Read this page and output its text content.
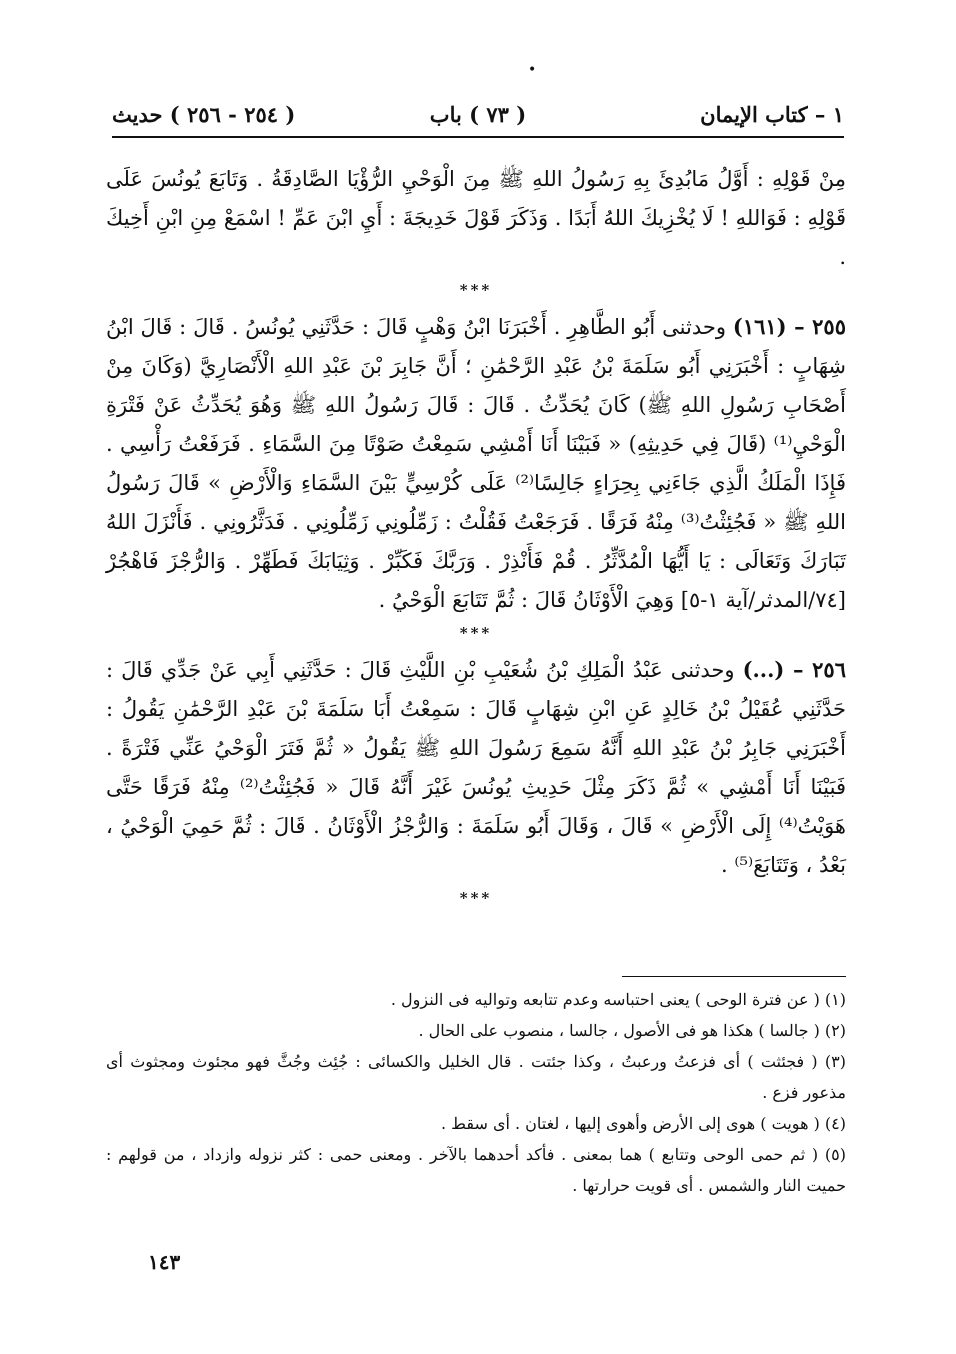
•
١ – كتاب الإيمان
( ٧٣ ) باب
( ٢٥٤ - ٢٥٦ ) حديث

مِنْ قَوْلِهِ : أَوَّلُ مَابُدِئَ بِهِ رَسُولُ اللهِ ﷺ مِنَ الْوَحْيِ الرُّؤْيَا الصَّادِقَةُ . وَتَابَعَ يُونُسَ عَلَى قَوْلِهِ : فَوَاللهِ ! لَا يُخْزِيكَ اللهُ أَبَدًا . وَذَكَرَ قَوْلَ خَدِيجَةَ : أَيِ ابْنَ عَمِّ ! اسْمَعْ مِنِ ابْنِ أَخِيكَ .

***

٢٥٥ – (١٦١) وحدثنى أَبُو الطَّاهِرِ . أَخْبَرَنَا ابْنُ وَهْبٍ قَالَ : حَدَّثَنِي يُونُسُ . قَالَ : قَالَ ابْنُ شِهَابٍ : أَخْبَرَنِي أَبُو سَلَمَةَ بْنُ عَبْدِ الرَّحْمَٰنِ ؛ أَنَّ جَابِرَ بْنَ عَبْدِ اللهِ الْأَنْصَارِيَّ (وَكَانَ مِنْ أَصْحَابِ رَسُولِ اللهِ ﷺ) كَانَ يُحَدِّثُ . قَالَ : قَالَ رَسُولُ اللهِ ﷺ وَهُوَ يُحَدِّثُ عَنْ فَتْرَةِ الْوَحْيِ⁽¹⁾ (قَالَ فِي حَدِيثِهِ) « فَبَيْنَا أَنَا أَمْشِي سَمِعْتُ صَوْتًا مِنَ السَّمَاءِ . فَرَفَعْتُ رَأْسِي . فَإِذَا الْمَلَكُ الَّذِي جَاءَنِي بِحِرَاءٍ جَالِسًا⁽²⁾ عَلَى كُرْسِيٍّ بَيْنَ السَّمَاءِ وَالْأَرْضِ » قَالَ رَسُولُ اللهِ ﷺ « فَجُئِثْتُ⁽³⁾ مِنْهُ فَرَقًا . فَرَجَعْتُ فَقُلْتُ : زَمِّلُونِي زَمِّلُونِي . فَدَثَّرُونِي . فَأَنْزَلَ اللهُ تَبَارَكَ وَتَعَالَى : يَا أَيُّهَا الْمُدَّثِّرُ . قُمْ فَأَنْذِرْ . وَرَبَّكَ فَكَبِّرْ . وَثِيَابَكَ فَطَهِّرْ . وَالرُّجْزَ فَاهْجُرْ [٧٤/المدثر/آية ١-٥] وَهِيَ الْأَوْثَانُ قَالَ : ثُمَّ تَتَابَعَ الْوَحْيُ .

***

٢٥٦ – (...) وحدثنى عَبْدُ الْمَلِكِ بْنُ شُعَيْبِ بْنِ اللَّيْثِ قَالَ : حَدَّثَنِي أَبِي عَنْ جَدِّي قَالَ : حَدَّثَنِي عُقَيْلُ بْنُ خَالِدٍ عَنِ ابْنِ شِهَابٍ قَالَ : سَمِعْتُ أَبَا سَلَمَةَ بْنَ عَبْدِ الرَّحْمَٰنِ يَقُولُ : أَخْبَرَنِي جَابِرُ بْنُ عَبْدِ اللهِ أَنَّهُ سَمِعَ رَسُولَ اللهِ ﷺ يَقُولُ « ثُمَّ فَتَرَ الْوَحْيُ عَنِّي فَتْرَةً . فَبَيْنَا أَنَا أَمْشِي » ثُمَّ ذَكَرَ مِثْلَ حَدِيثِ يُونُسَ غَيْرَ أَنَّهُ قَالَ « فَجُئِثْتُ⁽²⁾ مِنْهُ فَرَقًا حَتَّى هَوَيْتُ⁽⁴⁾ إِلَى الْأَرْضِ » قَالَ ، وَقَالَ أَبُو سَلَمَةَ : وَالرُّجْزُ الْأَوْثَانُ . قَالَ : ثُمَّ حَمِيَ الْوَحْيُ ، بَعْدُ ، وَتَتَابَعَ⁽⁵⁾ .

***

(١) ( عن فترة الوحى ) يعنى احتباسه وعدم تتابعه وتواليه فى النزول .

(٢) ( جالسا ) هكذا هو فى الأصول ، جالسا ، منصوب على الحال .

(٣) ( فجئثت ) أى فزعتُ ورعبتُ ، وكذا جئتت . قال الخليل والكسائى : جُئِث وجُثَّ فهو مجئوث ومجثوث أى مذعور فزع .

(٤) ( هويت ) هوى إلى الأرض وأهوى إليها ، لغتان . أى سقط .

(٥) ( ثم حمى الوحى وتتابع ) هما بمعنى . فأكد أحدهما بالآخر . ومعنى حمى : كثر نزوله وازداد ، من قولهم : حميت النار والشمس . أى قويت حرارتها .

١٤٣
